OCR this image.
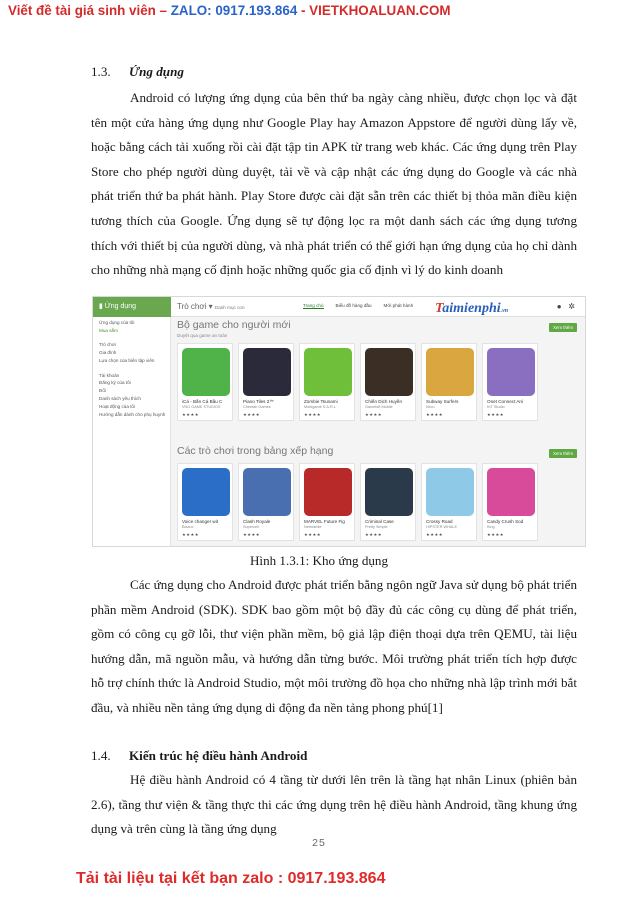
Viết đề tài giá sinh viên – ZALO: 0917.193.864 - VIETKHOALUAN.COM
1.3. Ứng dụng

Android có lượng ứng dụng của bên thứ ba ngày càng nhiều, được chọn lọc và đặt tên một cửa hàng ứng dụng như Google Play hay Amazon Appstore để người dùng lấy về, hoặc bằng cách tải xuống rồi cài đặt tập tin APK từ trang web khác. Các ứng dụng trên Play Store cho phép người dùng duyệt, tải về và cập nhật các ứng dụng do Google và các nhà phát triển thứ ba phát hành. Play Store được cài đặt sẵn trên các thiết bị thỏa mãn điều kiện tương thích của Google. Ứng dụng sẽ tự động lọc ra một danh sách các ứng dụng tương thích với thiết bị của người dùng, và nhà phát triển có thể giới hạn ứng dụng của họ chỉ dành cho những nhà mạng cố định hoặc những quốc gia cố định vì lý do kinh doanh

▮ Ứng dụng
Ứng dụng của tôi
Mua sắm
Trò chơi
Gia đình
Lựa chọn của biên tập viên
Tài khoản
Đăng ký của tôi
Đổi
Danh sách yêu thích
Hoạt động của tôi
Hướng dẫn dành cho phụ huynh
Trò chơi ▾ Danh mục con	Trang chủ	Biểu đồ hàng đầu	Mới phát hành	Taimienphi.vn	● ✲
Bộ game cho người mới
Duyệt qua game an toàn
Xem thêm
iCá - Bắn Cá Bầu C
VNG GAME STUDIOS
★★★★
Piano Tiles 2™
Cheetah Games
★★★★
Zombie Tsunami
Mobigame S.A.R.L
★★★★
Chiến Dịch Huyền
Gameloft Mobile
★★★★
Subway Surfers
Kiloo
★★★★
Onet Connect Ani
KIT Studio
★★★★
Các trò chơi trong bảng xếp hạng	Xem thêm
Voice changer wit
Baviux
★★★★
Clash Royale
Supercell
★★★★
MARVEL Future Fig
Netmarble
★★★★
Criminal Case
Pretty Simple
★★★★
Crossy Road
HIPSTER WHALE
★★★★
Candy Crush Sod
King
★★★★
Hình 1.3.1: Kho ứng dụng

Các ứng dụng cho Android được phát triển bằng ngôn ngữ Java sử dụng bộ phát triển phần mềm Android (SDK). SDK bao gồm một bộ đầy đủ các công cụ dùng để phát triển, gồm có công cụ gỡ lỗi, thư viện phần mềm, bộ giả lập điện thoại dựa trên QEMU, tài liệu hướng dẫn, mã nguồn mẫu, và hướng dẫn từng bước. Môi trường phát triển tích hợp được hỗ trợ chính thức là Android Studio, một môi trường đồ họa cho những nhà lập trình mới bắt đầu, và nhiều nền tảng ứng dụng di động đa nền tảng phong phú[1]

1.4. Kiến trúc hệ điều hành Android

Hệ điều hành Android có 4 tầng từ dưới lên trên là tầng hạt nhân Linux (phiên bản 2.6), tầng thư viện & tầng thực thi các ứng dụng trên hệ điều hành Android, tầng khung ứng dụng và trên cùng là tầng ứng dụng

25
Tải tài liệu tại kết bạn zalo : 0917.193.864
